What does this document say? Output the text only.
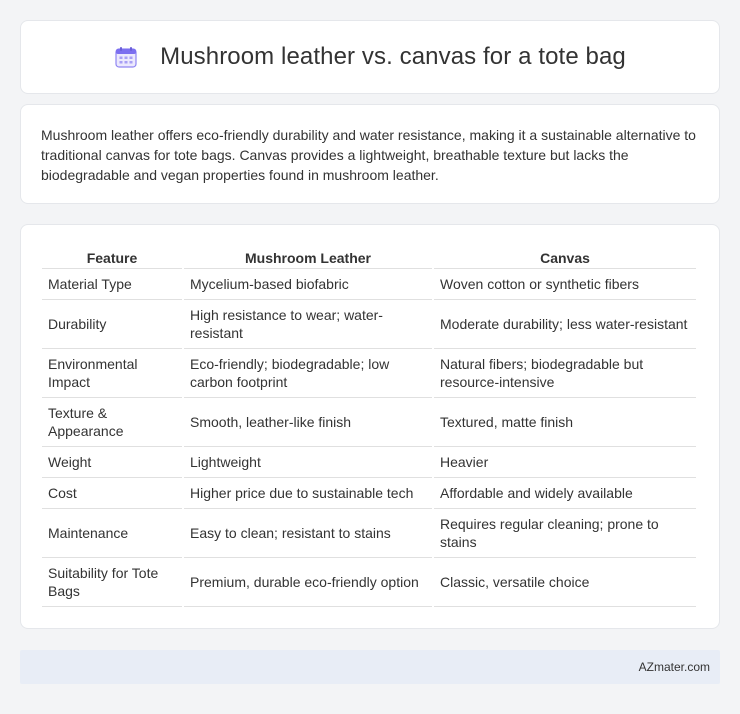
Mushroom leather vs. canvas for a tote bag

Mushroom leather offers eco-friendly durability and water resistance, making it a sustainable alternative to traditional canvas for tote bags. Canvas provides a lightweight, breathable texture but lacks the biodegradable and vegan properties found in mushroom leather.

Feature	Mushroom Leather	Canvas
Material Type	Mycelium-based biofabric	Woven cotton or synthetic fibers
Durability	High resistance to wear; water-resistant	Moderate durability; less water-resistant
Environmental Impact	Eco-friendly; biodegradable; low carbon footprint	Natural fibers; biodegradable but resource-intensive
Texture & Appearance	Smooth, leather-like finish	Textured, matte finish
Weight	Lightweight	Heavier
Cost	Higher price due to sustainable tech	Affordable and widely available
Maintenance	Easy to clean; resistant to stains	Requires regular cleaning; prone to stains
Suitability for Tote Bags	Premium, durable eco-friendly option	Classic, versatile choice
AZmater.com
